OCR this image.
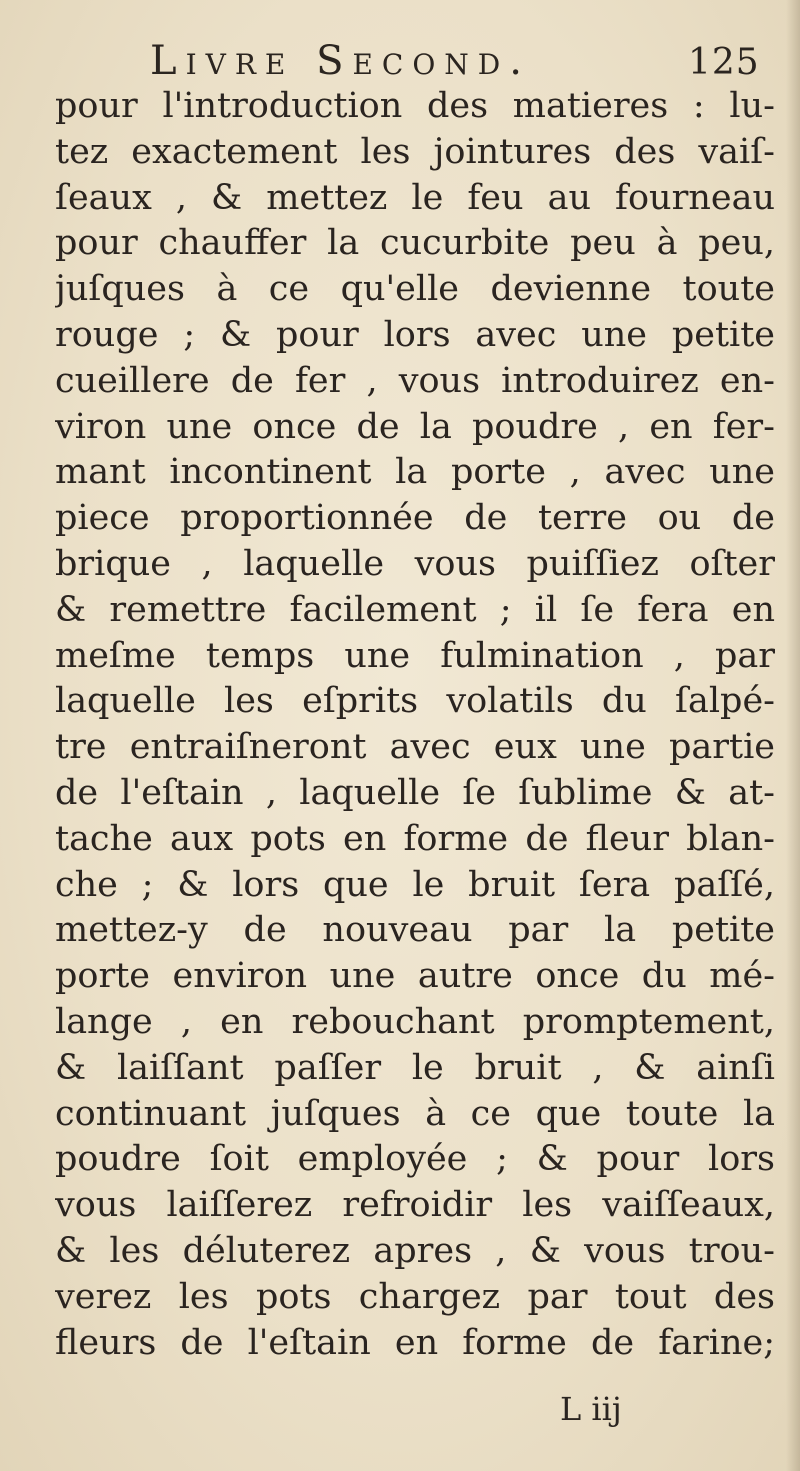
Livre Second.	125
pour l'introduction des matieres : lu-
tez exactement les jointures des vaiſ-
ſeaux , & mettez le feu au fourneau
pour chauffer la cucurbite peu à peu,
juſques à ce qu'elle devienne toute
rouge ; & pour lors avec une petite
cueillere de fer , vous introduirez en-
viron une once de la poudre , en fer-
mant incontinent la porte , avec une
piece proportionnée de terre ou de
brique , laquelle vous puiſſiez oſter
& remettre facilement ; il ſe fera en
meſme temps une fulmination , par
laquelle les eſprits volatils du ſalpé-
tre entraiſneront avec eux une partie
de l'eſtain , laquelle ſe ſublime & at-
tache aux pots en forme de fleur blan-
che ; & lors que le bruit ſera paſſé,
mettez-y de nouveau par la petite
porte environ une autre once du mé-
lange , en rebouchant promptement,
& laiſſant paſſer le bruit , & ainſi
continuant juſques à ce que toute la
poudre ſoit employée ; & pour lors
vous laiſſerez refroidir les vaiſſeaux,
& les déluterez apres , & vous trou-
verez les pots chargez par tout des
fleurs de l'eſtain en forme de farine;
L iij
